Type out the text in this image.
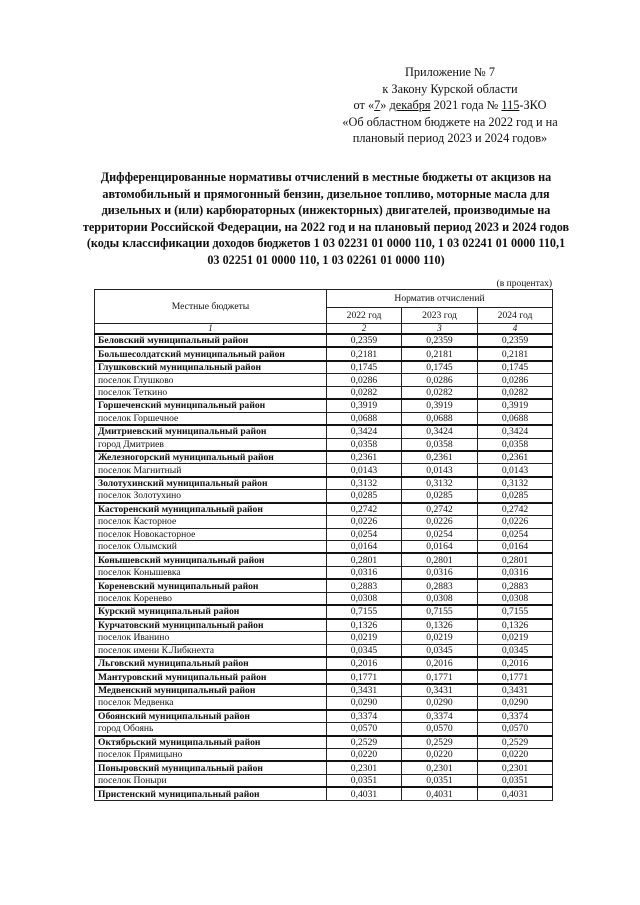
Приложение № 7
к Закону Курской области
от «7» декабря 2021 года № 115-ЗКО
«Об областном бюджете на 2022 год и на
плановый период 2023 и 2024 годов»
Дифференцированные нормативы отчислений в местные бюджеты от акцизов на автомобильный и прямогонный бензин, дизельное топливо, моторные масла для дизельных и (или) карбюраторных (инжекторных) двигателей, производимые на территории Российской Федерации, на 2022 год и на плановый период 2023 и 2024 годов (коды классификации доходов бюджетов 1 03 02231 01 0000 110, 1 03 02241 01 0000 110,1 03 02251 01 0000 110, 1 03 02261 01 0000 110)
(в процентах)
Местные бюджеты	Норматив отчислений		
	2022 год	2023 год	2024 год
1	2	3	4
Беловский муниципальный район	0,2359	0,2359	0,2359
Большесолдатский муниципальный район	0,2181	0,2181	0,2181
Глушковский муниципальный район	0,1745	0,1745	0,1745
поселок Глушково	0,0286	0,0286	0,0286
поселок Теткино	0,0282	0,0282	0,0282
Горшеченский муниципальный район	0,3919	0,3919	0,3919
поселок Горшечное	0,0688	0,0688	0,0688
Дмитриевский муниципальный район	0,3424	0,3424	0,3424
город Дмитриев	0,0358	0,0358	0,0358
Железногорский муниципальный район	0,2361	0,2361	0,2361
поселок Магнитный	0,0143	0,0143	0,0143
Золотухинский муниципальный район	0,3132	0,3132	0,3132
поселок Золотухино	0,0285	0,0285	0,0285
Касторенский муниципальный район	0,2742	0,2742	0,2742
поселок Касторное	0,0226	0,0226	0,0226
поселок Новокасторное	0,0254	0,0254	0,0254
поселок Олымский	0,0164	0,0164	0,0164
Конышевский муниципальный район	0,2801	0,2801	0,2801
поселок Конышевка	0,0316	0,0316	0,0316
Кореневский муниципальный район	0,2883	0,2883	0,2883
поселок Коренево	0,0308	0,0308	0,0308
Курский муниципальный район	0,7155	0,7155	0,7155
Курчатовский муниципальный район	0,1326	0,1326	0,1326
поселок Иванино	0,0219	0,0219	0,0219
поселок имени К.Либкнехта	0,0345	0,0345	0,0345
Льговский муниципальный район	0,2016	0,2016	0,2016
Мантуровский муниципальный район	0,1771	0,1771	0,1771
Медвенский муниципальный район	0,3431	0,3431	0,3431
поселок Медвенка	0,0290	0,0290	0,0290
Обоянский муниципальный район	0,3374	0,3374	0,3374
город Обоянь	0,0570	0,0570	0,0570
Октябрьский муниципальный район	0,2529	0,2529	0,2529
поселок Прямицыно	0,0220	0,0220	0,0220
Поныровский муниципальный район	0,2301	0,2301	0,2301
поселок Поныри	0,0351	0,0351	0,0351
Пристенский муниципальный район	0,4031	0,4031	0,4031
